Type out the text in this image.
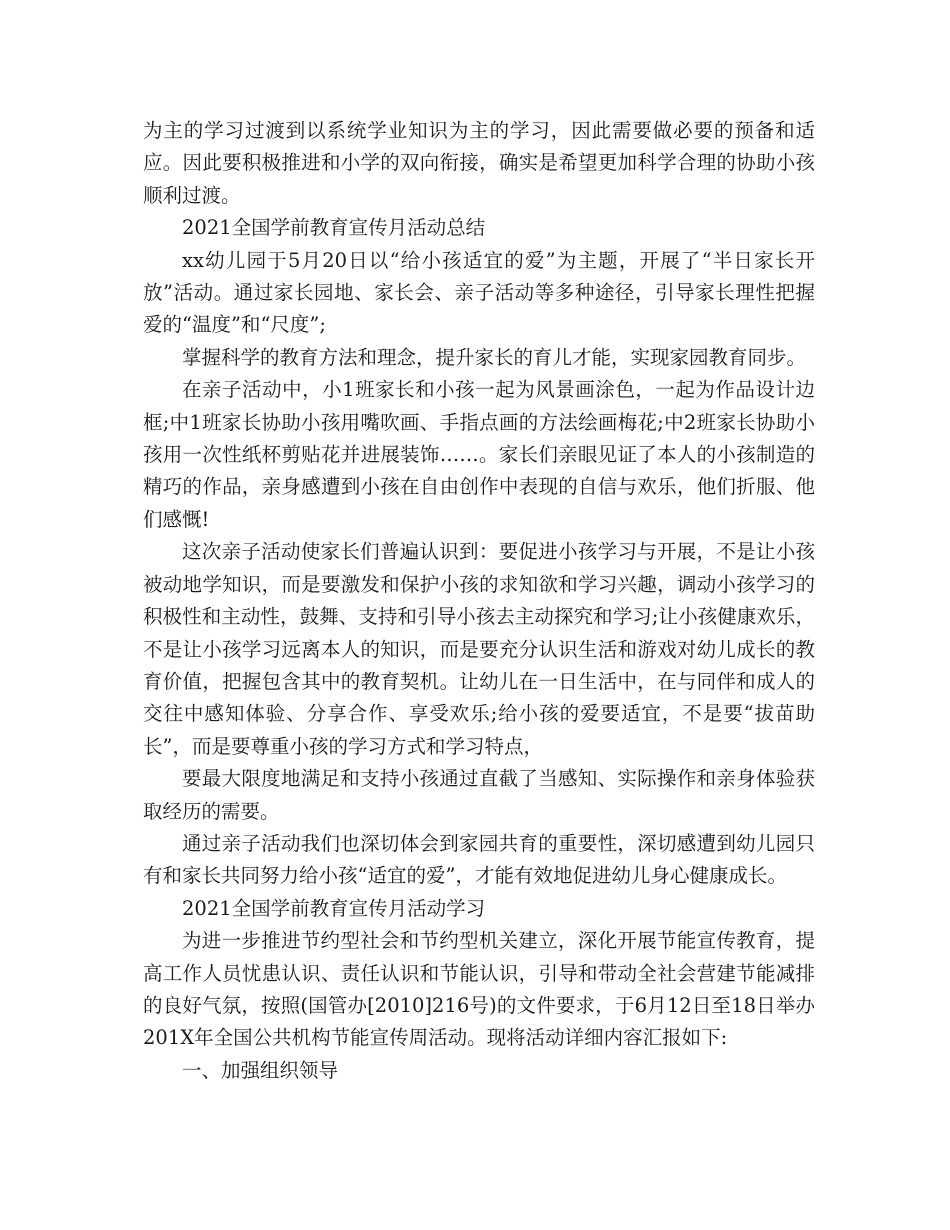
为主的学习过渡到以系统学业知识为主的学习，因此需要做必要的预备和适应。因此要积极推进和小学的双向衔接，确实是希望更加科学合理的协助小孩顺利过渡。

2021全国学前教育宣传月活动总结

xx幼儿园于5月20日以“给小孩适宜的爱”为主题，开展了“半日家长开放”活动。通过家长园地、家长会、亲子活动等多种途径，引导家长理性把握爱的“温度”和“尺度”;

掌握科学的教育方法和理念，提升家长的育儿才能，实现家园教育同步。

在亲子活动中，小1班家长和小孩一起为风景画涂色，一起为作品设计边框;中1班家长协助小孩用嘴吹画、手指点画的方法绘画梅花;中2班家长协助小孩用一次性纸杯剪贴花并进展装饰……。家长们亲眼见证了本人的小孩制造的精巧的作品，亲身感遭到小孩在自由创作中表现的自信与欢乐，他们折服、他们感慨!

这次亲子活动使家长们普遍认识到：要促进小孩学习与开展，不是让小孩被动地学知识，而是要激发和保护小孩的求知欲和学习兴趣，调动小孩学习的积极性和主动性，鼓舞、支持和引导小孩去主动探究和学习;让小孩健康欢乐，不是让小孩学习远离本人的知识，而是要充分认识生活和游戏对幼儿成长的教育价值，把握包含其中的教育契机。让幼儿在一日生活中，在与同伴和成人的交往中感知体验、分享合作、享受欢乐;给小孩的爱要适宜，不是要“拔苗助长”，而是要尊重小孩的学习方式和学习特点，

要最大限度地满足和支持小孩通过直截了当感知、实际操作和亲身体验获取经历的需要。

通过亲子活动我们也深切体会到家园共育的重要性，深切感遭到幼儿园只有和家长共同努力给小孩“适宜的爱”，才能有效地促进幼儿身心健康成长。

2021全国学前教育宣传月活动学习

为进一步推进节约型社会和节约型机关建立，深化开展节能宣传教育，提高工作人员忧患认识、责任认识和节能认识，引导和带动全社会营建节能减排的良好气氛，按照(国管办[2010]216号)的文件要求，于6月12日至18日举办201X年全国公共机构节能宣传周活动。现将活动详细内容汇报如下:

一、加强组织领导
